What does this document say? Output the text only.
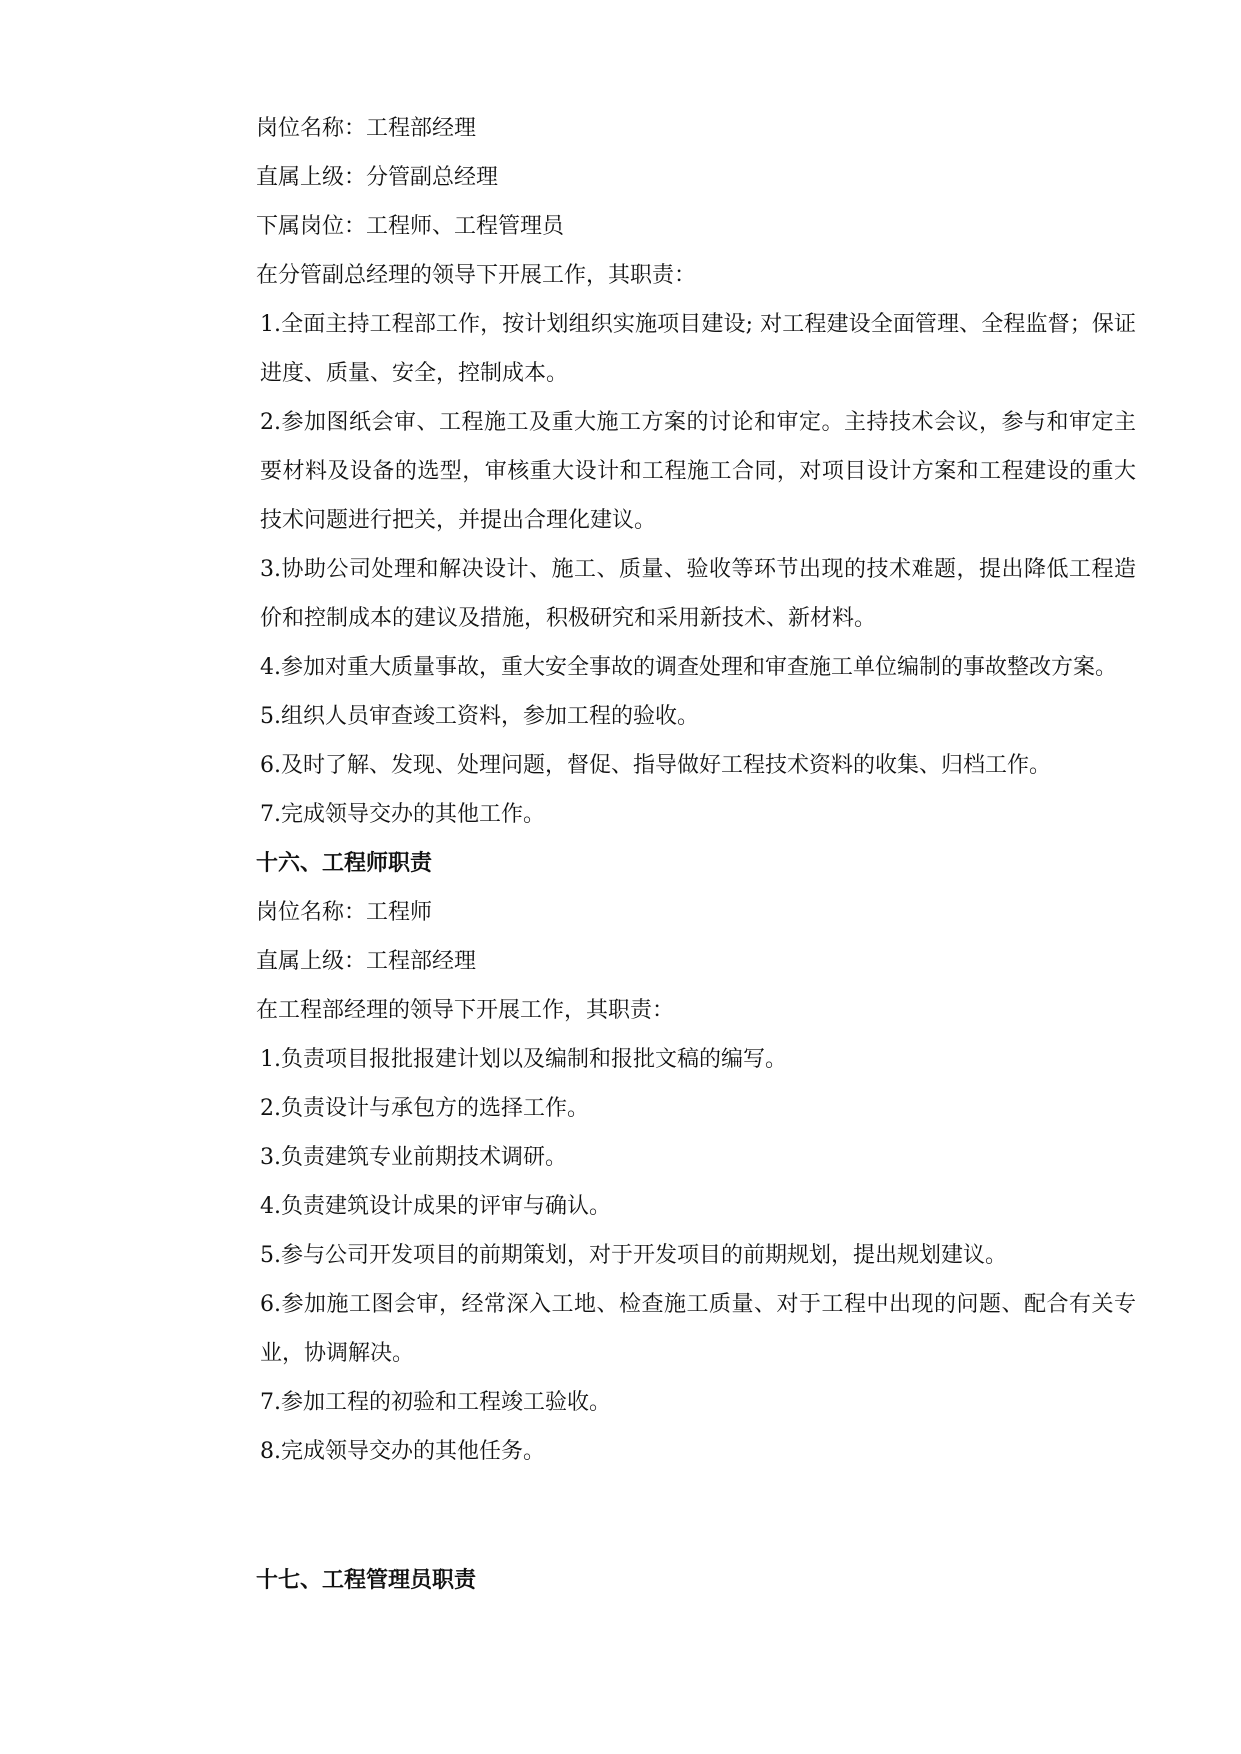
岗位名称：工程部经理

直属上级：分管副总经理

下属岗位：工程师、工程管理员

在分管副总经理的领导下开展工作，其职责：

1.全面主持工程部工作，按计划组织实施项目建设; 对工程建设全面管理、全程监督；保证进度、质量、安全，控制成本。

2.参加图纸会审、工程施工及重大施工方案的讨论和审定。主持技术会议，参与和审定主要材料及设备的选型，审核重大设计和工程施工合同，对项目设计方案和工程建设的重大技术问题进行把关，并提出合理化建议。

3.协助公司处理和解决设计、施工、质量、验收等环节出现的技术难题，提出降低工程造价和控制成本的建议及措施，积极研究和采用新技术、新材料。

4.参加对重大质量事故，重大安全事故的调查处理和审查施工单位编制的事故整改方案。

5.组织人员审查竣工资料，参加工程的验收。

6.及时了解、发现、处理问题，督促、指导做好工程技术资料的收集、归档工作。

7.完成领导交办的其他工作。

十六、工程师职责

岗位名称：工程师

直属上级：工程部经理

在工程部经理的领导下开展工作，其职责：

1.负责项目报批报建计划以及编制和报批文稿的编写。

2.负责设计与承包方的选择工作。

3.负责建筑专业前期技术调研。

4.负责建筑设计成果的评审与确认。

5.参与公司开发项目的前期策划，对于开发项目的前期规划，提出规划建议。

6.参加施工图会审，经常深入工地、检查施工质量、对于工程中出现的问题、配合有关专业，协调解决。

7.参加工程的初验和工程竣工验收。

8.完成领导交办的其他任务。

十七、工程管理员职责
